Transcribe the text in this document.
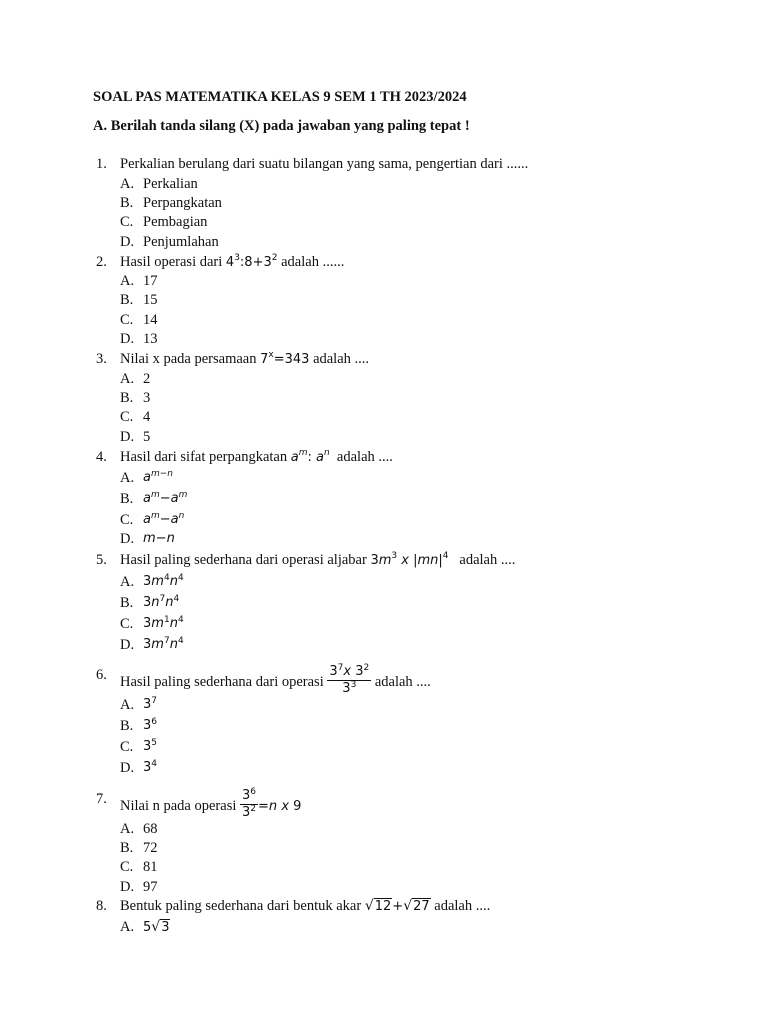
SOAL PAS MATEMATIKA KELAS 9 SEM 1 TH 2023/2024
A. Berilah tanda silang (X) pada jawaban yang paling tepat !
1. Perkalian berulang dari suatu bilangan yang sama, pengertian dari ......
A. Perkalian
B. Perpangkatan
C. Pembagian
D. Penjumlahan
2. Hasil operasi dari $4^3:8+3^2$ adalah ......
A. 17
B. 15
C. 14
D. 13
3. Nilai x pada persamaan $7^x=343$ adalah ....
A. 2
B. 3
C. 4
D. 5
4. Hasil dari sifat perpangkatan $a^m$: $a^n$ adalah ....
A. $a^{m-n}$
B. $a^m-a^m$
C. $a^m-a^n$
D. m−n
5. Hasil paling sederhana dari operasi aljabar $3m^3$ x $|mn|^4$ adalah ....
A. $3m^4n^4$
B. $3n^7n^4$
C. $3m^1n^4$
D. $3m^7n^4$
6. Hasil paling sederhana dari operasi $\frac{3^7x 3^2}{3^3}$ adalah ....
A. $3^7$
B. $3^6$
C. $3^5$
D. $3^4$
7. Nilai n pada operasi $\frac{3^6}{3^2} =n$ x 9
A. 68
B. 72
C. 81
D. 97
8. Bentuk paling sederhana dari bentuk akar √12+√27 adalah ....
A. 5√3
